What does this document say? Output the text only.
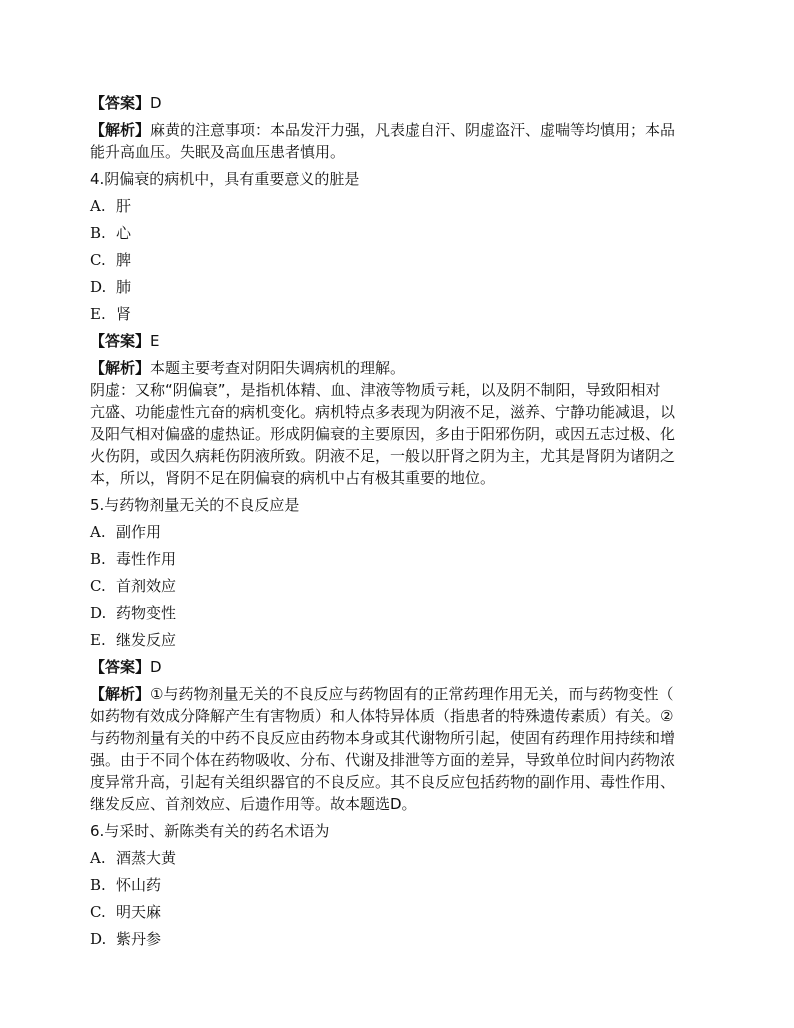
【答案】D
【解析】麻黄的注意事项：本品发汗力强，凡表虚自汗、阴虚盗汗、虚喘等均慎用；本品
能升高血压。失眠及高血压患者慎用。
4.阴偏衰的病机中，具有重要意义的脏是
A. 肝
B. 心
C. 脾
D. 肺
E. 肾
【答案】E
【解析】本题主要考查对阴阳失调病机的理解。
阴虚：又称“阴偏衰”，是指机体精、血、津液等物质亏耗，以及阴不制阳，导致阳相对
亢盛、功能虚性亢奋的病机变化。病机特点多表现为阴液不足，滋养、宁静功能减退，以
及阳气相对偏盛的虚热证。形成阴偏衰的主要原因，多由于阳邪伤阴，或因五志过极、化
火伤阴，或因久病耗伤阴液所致。阴液不足，一般以肝肾之阴为主，尤其是肾阴为诸阴之
本，所以，肾阴不足在阴偏衰的病机中占有极其重要的地位。
5.与药物剂量无关的不良反应是
A. 副作用
B. 毒性作用
C. 首剂效应
D. 药物变性
E. 继发反应
【答案】D
【解析】①与药物剂量无关的不良反应与药物固有的正常药理作用无关，而与药物变性（
如药物有效成分降解产生有害物质）和人体特异体质（指患者的特殊遗传素质）有关。②
与药物剂量有关的中药不良反应由药物本身或其代谢物所引起，使固有药理作用持续和增
强。由于不同个体在药物吸收、分布、代谢及排泄等方面的差异，导致单位时间内药物浓
度异常升高，引起有关组织器官的不良反应。其不良反应包括药物的副作用、毒性作用、
继发反应、首剂效应、后遗作用等。故本题选D。
6.与采时、新陈类有关的药名术语为
A. 酒蒸大黄
B. 怀山药
C. 明天麻
D. 紫丹参
